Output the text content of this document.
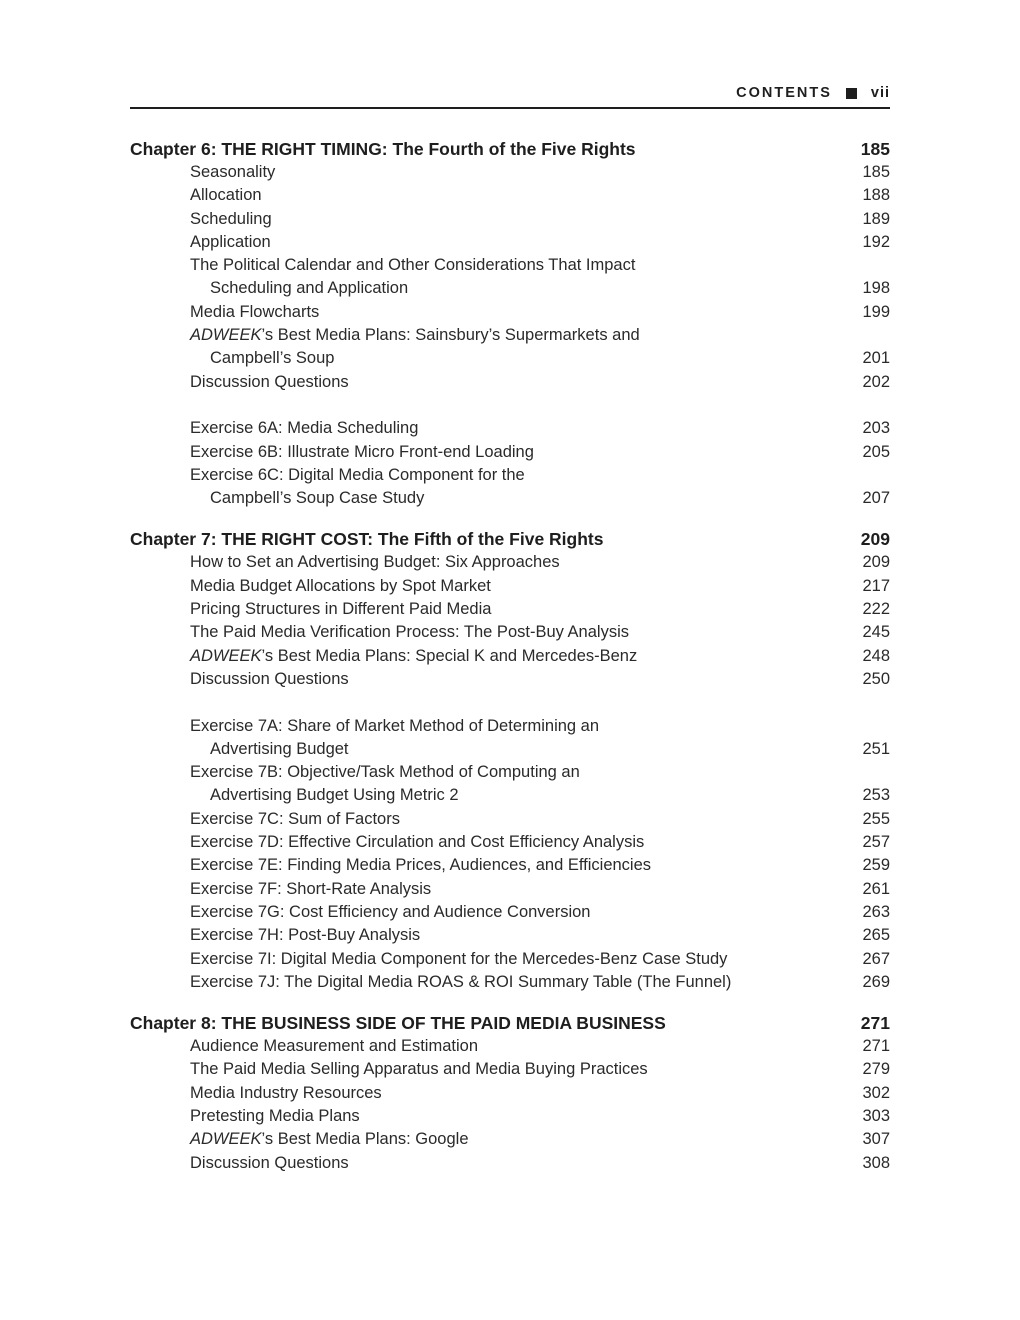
CONTENTS	vii
Chapter 6: THE RIGHT TIMING: The Fourth of the Five Rights	185
Seasonality	185
Allocation	188
Scheduling	189
Application	192
The Political Calendar and Other Considerations That Impact
Scheduling and Application	198
Media Flowcharts	199
ADWEEK’s Best Media Plans: Sainsbury’s Supermarkets and
Campbell’s Soup	201
Discussion Questions	202
Exercise 6A: Media Scheduling	203
Exercise 6B: Illustrate Micro Front-end Loading	205
Exercise 6C: Digital Media Component for the
Campbell’s Soup Case Study	207
Chapter 7: THE RIGHT COST: The Fifth of the Five Rights	209
How to Set an Advertising Budget: Six Approaches	209
Media Budget Allocations by Spot Market	217
Pricing Structures in Different Paid Media	222
The Paid Media Verification Process: The Post-Buy Analysis	245
ADWEEK’s Best Media Plans: Special K and Mercedes-Benz	248
Discussion Questions	250
Exercise 7A: Share of Market Method of Determining an
Advertising Budget	251
Exercise 7B: Objective/Task Method of Computing an
Advertising Budget Using Metric 2	253
Exercise 7C: Sum of Factors	255
Exercise 7D: Effective Circulation and Cost Efficiency Analysis	257
Exercise 7E: Finding Media Prices, Audiences, and Efficiencies	259
Exercise 7F: Short-Rate Analysis	261
Exercise 7G: Cost Efficiency and Audience Conversion	263
Exercise 7H: Post-Buy Analysis	265
Exercise 7I: Digital Media Component for the Mercedes-Benz Case Study	267
Exercise 7J: The Digital Media ROAS & ROI Summary Table (The Funnel)	269
Chapter 8: THE BUSINESS SIDE OF THE PAID MEDIA BUSINESS	271
Audience Measurement and Estimation	271
The Paid Media Selling Apparatus and Media Buying Practices	279
Media Industry Resources	302
Pretesting Media Plans	303
ADWEEK’s Best Media Plans: Google	307
Discussion Questions	308
